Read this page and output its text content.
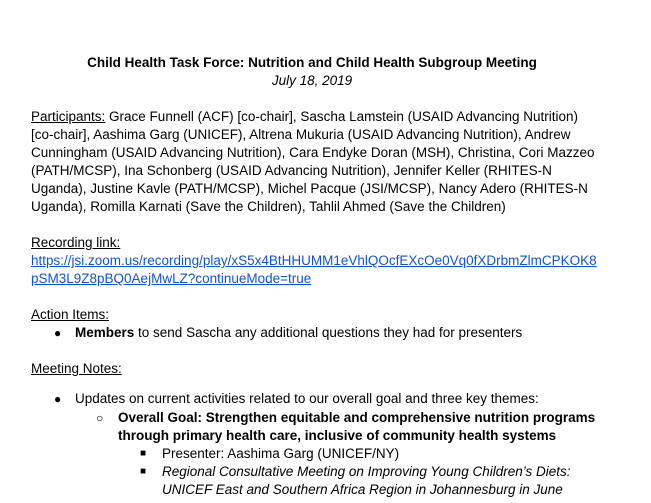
Child Health Task Force: Nutrition and Child Health Subgroup Meeting
July 18, 2019
Participants: Grace Funnell (ACF) [co-chair], Sascha Lamstein (USAID Advancing Nutrition) [co-chair], Aashima Garg (UNICEF), Altrena Mukuria (USAID Advancing Nutrition), Andrew Cunningham (USAID Advancing Nutrition), Cara Endyke Doran (MSH), Christina, Cori Mazzeo (PATH/MCSP), Ina Schonberg (USAID Advancing Nutrition), Jennifer Keller (RHITES-N Uganda), Justine Kavle (PATH/MCSP), Michel Pacque (JSI/MCSP), Nancy Adero (RHITES-N Uganda), Romilla Karnati (Save the Children), Tahlil Ahmed (Save the Children)
Recording link:
https://jsi.zoom.us/recording/play/xS5x4BtHHUMM1eVhlQOcfEXcOe0Vq0fXDrbmZlmCPKOK8pSM3L9Z8pBQ0AejMwLZ?continueMode=true
Action Items:
● Members to send Sascha any additional questions they had for presenters
Meeting Notes:
● Updates on current activities related to our overall goal and three key themes:
○ Overall Goal: Strengthen equitable and comprehensive nutrition programs through primary health care, inclusive of community health systems
■ Presenter: Aashima Garg (UNICEF/NY)
■ Regional Consultative Meeting on Improving Young Children’s Diets: UNICEF East and Southern Africa Region in Johannesburg in June
